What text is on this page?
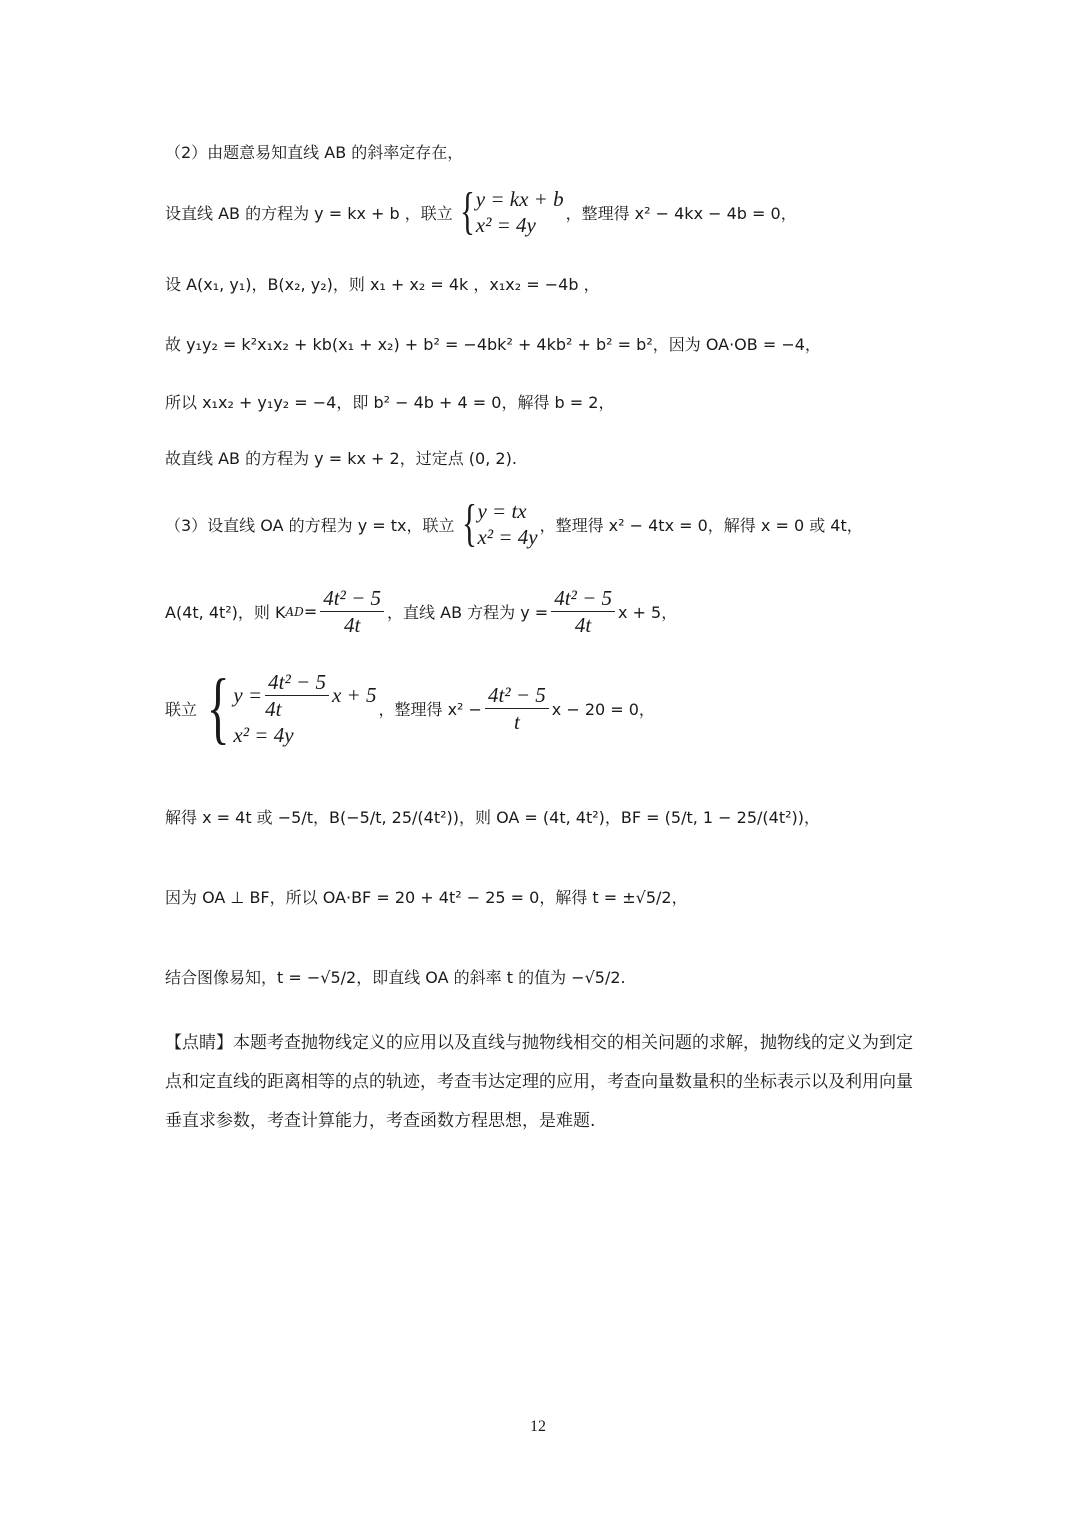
（2）由题意易知直线 AB 的斜率定存在，
设直线 AB 的方程为 y = kx + b ，联立 { y = kx + b
x² = 4y	，整理得 x² − 4kx − 4b = 0，
设 A(x₁, y₁)，B(x₂, y₂)，则 x₁ + x₂ = 4k ，x₁x₂ = −4b ，
故 y₁y₂ = k²x₁x₂ + kb(x₁ + x₂) + b² = −4bk² + 4kb² + b² = b²，因为 OA·OB = −4，
所以 x₁x₂ + y₁y₂ = −4，即 b² − 4b + 4 = 0，解得 b = 2，
故直线 AB 的方程为 y = kx + 2，过定点 (0, 2).
（3）设直线 OA 的方程为 y = tx，联立 { y = tx
x² = 4y ，整理得 x² − 4tx = 0，解得 x = 0 或 4t，
A(4t, 4t²)，则 K AD = $\frac{\text{4t² − 5}}{4t}$ ，直线 AB 方程为 $y = \frac{\text{4t² − 5}}{4t}$ x + 5，
联立 { $y = \frac{\text{4t² − 5}}{4t}$ x + 5
x² = 4y
，整理得 $x^2 - \frac{\text{4t² − 5}}{t}$ x − 20 = 0，
解得 x = 4t 或 −5/t，B(−5/t, 25/(4t²))，则 OA = (4t, 4t²)，BF = (5/t, 1 − 25/(4t²))，
因为 OA ⊥ BF，所以 OA·BF = 20 + 4t² − 25 = 0，解得 t = ±√5/2，
结合图像易知，t = −√5/2，即直线 OA 的斜率 t 的值为 −√5/2.
【点睛】本题考查抛物线定义的应用以及直线与抛物线相交的相关问题的求解，抛物线的定义为到定点和定直线的距离相等的点的轨迹，考查韦达定理的应用，考查向量数量积的坐标表示以及利用向量垂直求参数，考查计算能力，考查函数方程思想，是难题.
12
